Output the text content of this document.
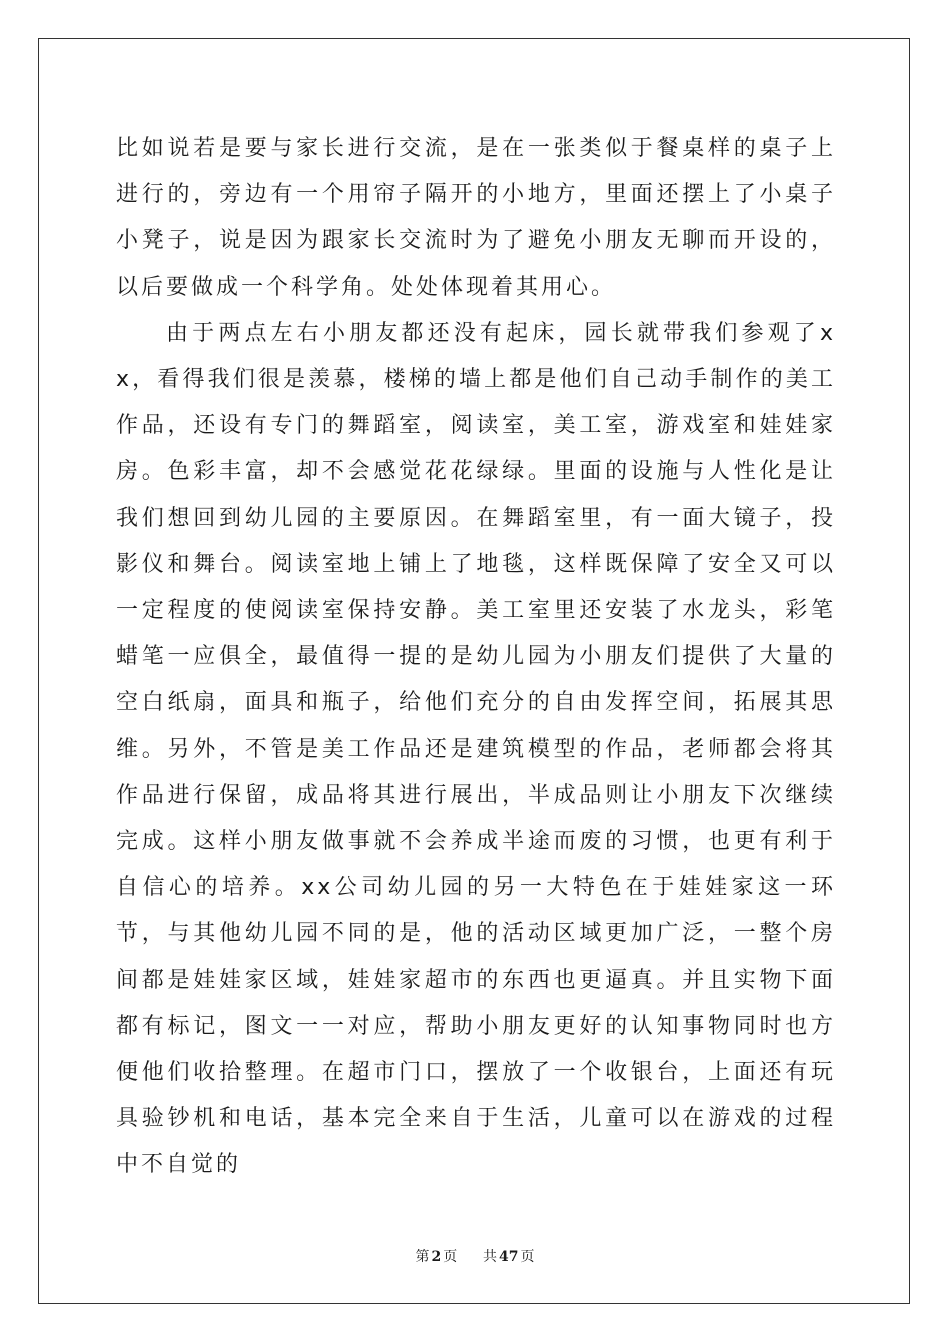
比如说若是要与家长进行交流，是在一张类似于餐桌样的桌子上进行的，旁边有一个用帘子隔开的小地方，里面还摆上了小桌子小凳子，说是因为跟家长交流时为了避免小朋友无聊而开设的，以后要做成一个科学角。处处体现着其用心。

由于两点左右小朋友都还没有起床，园长就带我们参观了xx，看得我们很是羡慕，楼梯的墙上都是他们自己动手制作的美工作品，还设有专门的舞蹈室，阅读室，美工室，游戏室和娃娃家房。色彩丰富，却不会感觉花花绿绿。里面的设施与人性化是让我们想回到幼儿园的主要原因。在舞蹈室里，有一面大镜子，投影仪和舞台。阅读室地上铺上了地毯，这样既保障了安全又可以一定程度的使阅读室保持安静。美工室里还安装了水龙头，彩笔蜡笔一应俱全，最值得一提的是幼儿园为小朋友们提供了大量的空白纸扇，面具和瓶子，给他们充分的自由发挥空间，拓展其思维。另外，不管是美工作品还是建筑模型的作品，老师都会将其作品进行保留，成品将其进行展出，半成品则让小朋友下次继续完成。这样小朋友做事就不会养成半途而废的习惯，也更有利于自信心的培养。xx公司幼儿园的另一大特色在于娃娃家这一环节，与其他幼儿园不同的是，他的活动区域更加广泛，一整个房间都是娃娃家区域，娃娃家超市的东西也更逼真。并且实物下面都有标记，图文一一对应，帮助小朋友更好的认知事物同时也方便他们收拾整理。在超市门口，摆放了一个收银台，上面还有玩具验钞机和电话，基本完全来自于生活，儿童可以在游戏的过程中不自觉的

第 2 页 共 47 页
